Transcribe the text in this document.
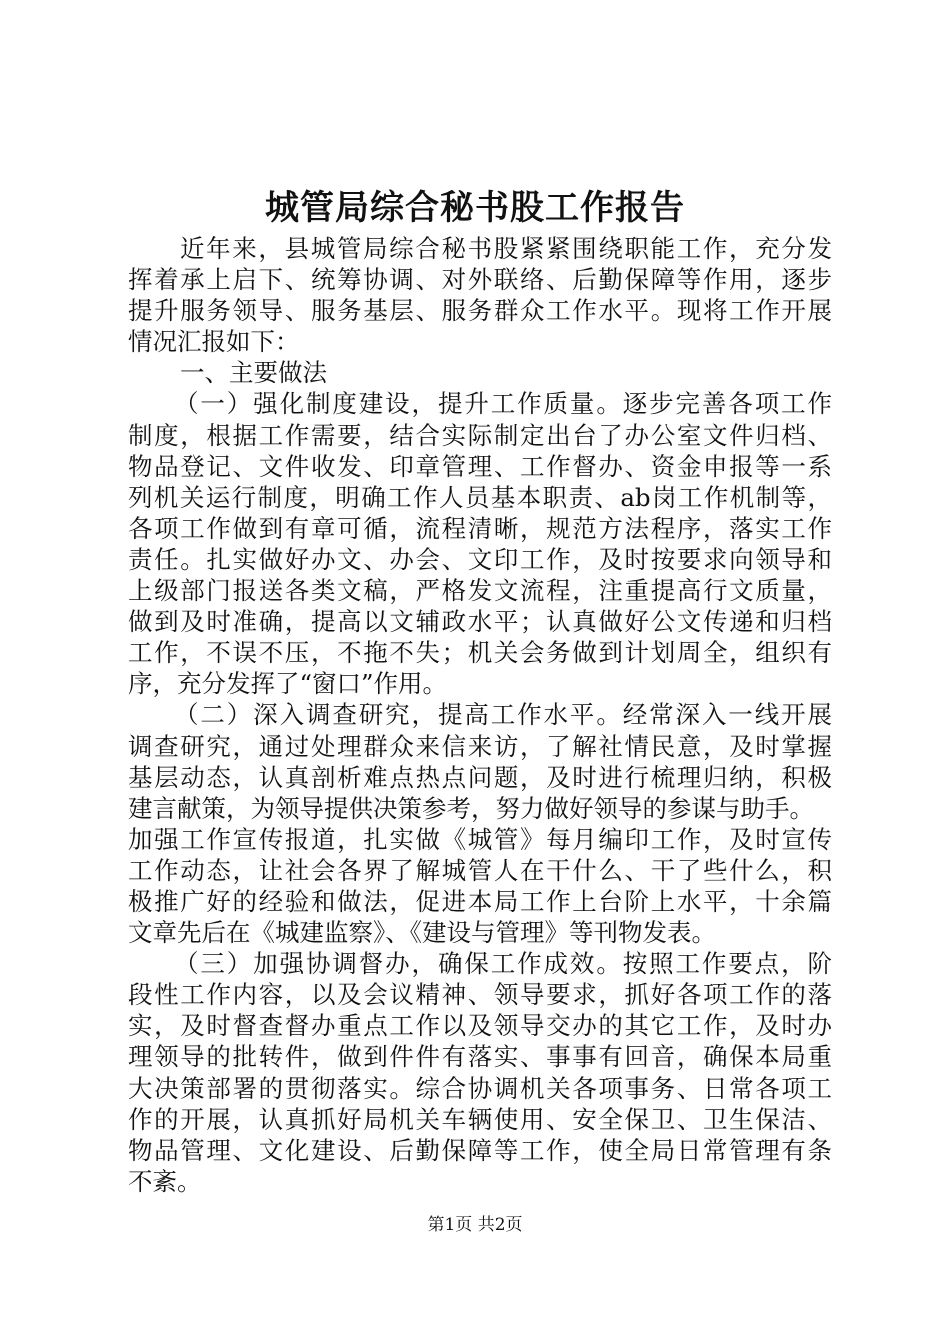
城管局综合秘书股工作报告
近年来，县城管局综合秘书股紧紧围绕职能工作，充分发
挥着承上启下、统筹协调、对外联络、后勤保障等作用，逐步
提升服务领导、服务基层、服务群众工作水平。现将工作开展
情况汇报如下：
一、主要做法
（一）强化制度建设，提升工作质量。逐步完善各项工作
制度，根据工作需要，结合实际制定出台了办公室文件归档、
物品登记、文件收发、印章管理、工作督办、资金申报等一系
列机关运行制度，明确工作人员基本职责、ab岗工作机制等，
各项工作做到有章可循，流程清晰，规范方法程序，落实工作
责任。扎实做好办文、办会、文印工作，及时按要求向领导和
上级部门报送各类文稿，严格发文流程，注重提高行文质量，
做到及时准确，提高以文辅政水平；认真做好公文传递和归档
工作，不误不压，不拖不失；机关会务做到计划周全，组织有
序，充分发挥了“窗口”作用。
（二）深入调查研究，提高工作水平。经常深入一线开展
调查研究，通过处理群众来信来访，了解社情民意，及时掌握
基层动态，认真剖析难点热点问题，及时进行梳理归纳，积极
建言献策，为领导提供决策参考，努力做好领导的参谋与助手。
加强工作宣传报道，扎实做《城管》每月编印工作，及时宣传
工作动态，让社会各界了解城管人在干什么、干了些什么，积
极推广好的经验和做法，促进本局工作上台阶上水平，十余篇
文章先后在《城建监察》、《建设与管理》等刊物发表。
（三）加强协调督办，确保工作成效。按照工作要点，阶
段性工作内容，以及会议精神、领导要求，抓好各项工作的落
实，及时督查督办重点工作以及领导交办的其它工作，及时办
理领导的批转件，做到件件有落实、事事有回音，确保本局重
大决策部署的贯彻落实。综合协调机关各项事务、日常各项工
作的开展，认真抓好局机关车辆使用、安全保卫、卫生保洁、
物品管理、文化建设、后勤保障等工作，使全局日常管理有条
不紊。
第1页 共2页
